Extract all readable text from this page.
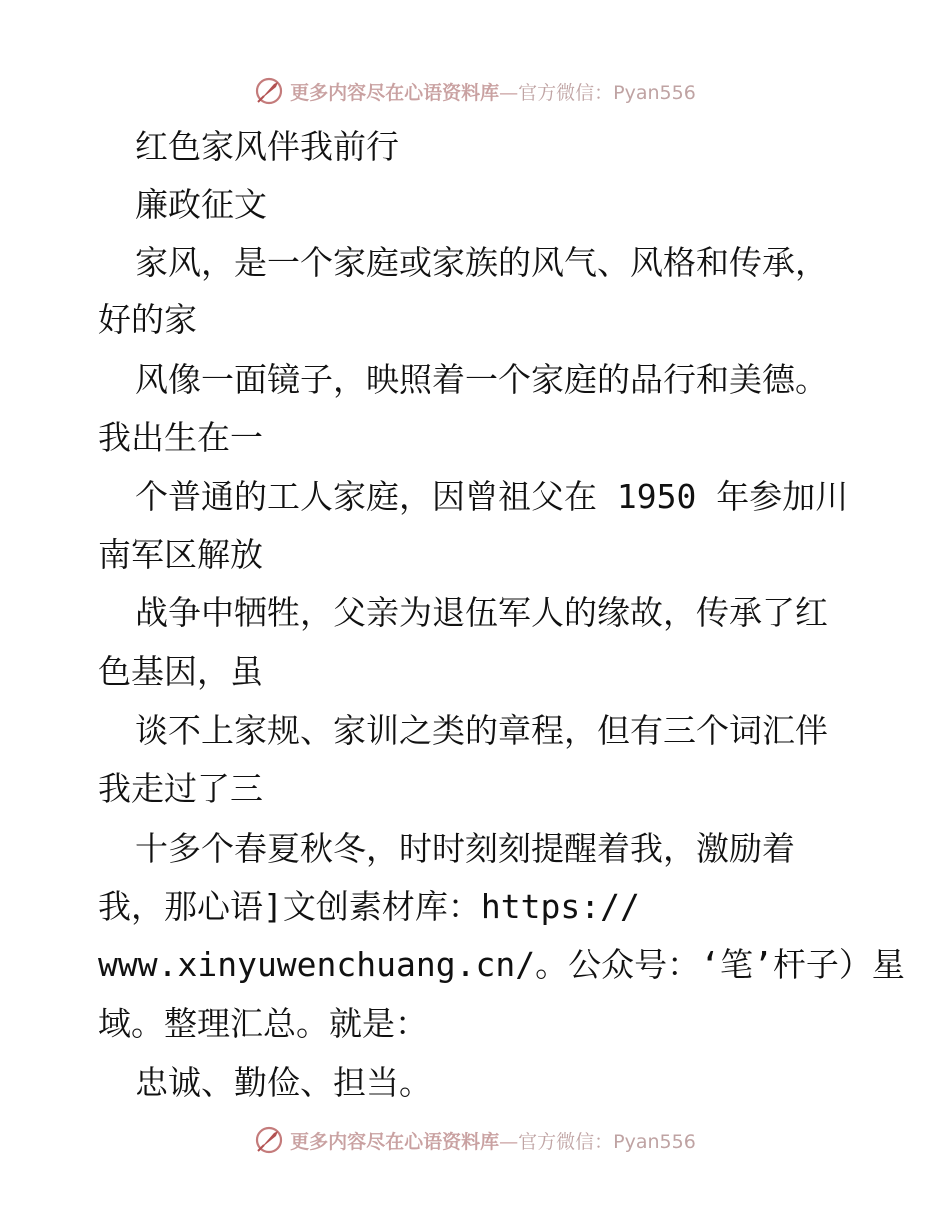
更多内容尽在心语资料库—官方微信：Pyan556
红色家风伴我前行
廉政征文
家风，是一个家庭或家族的风气、风格和传承，
好的家
风像一面镜子，映照着一个家庭的品行和美德。
我出生在一
个普通的工人家庭，因曾祖父在 1950 年参加川
南军区解放
战争中牺牲，父亲为退伍军人的缘故，传承了红
色基因，虽
谈不上家规、家训之类的章程，但有三个词汇伴
我走过了三
十多个春夏秋冬，时时刻刻提醒着我，激励着
我，那心语]文创素材库：https://
www.xinyuwenchuang.cn/。公众号：‘笔’杆子）星
域。整理汇总。就是：
忠诚、勤俭、担当。
更多内容尽在心语资料库—官方微信：Pyan556
